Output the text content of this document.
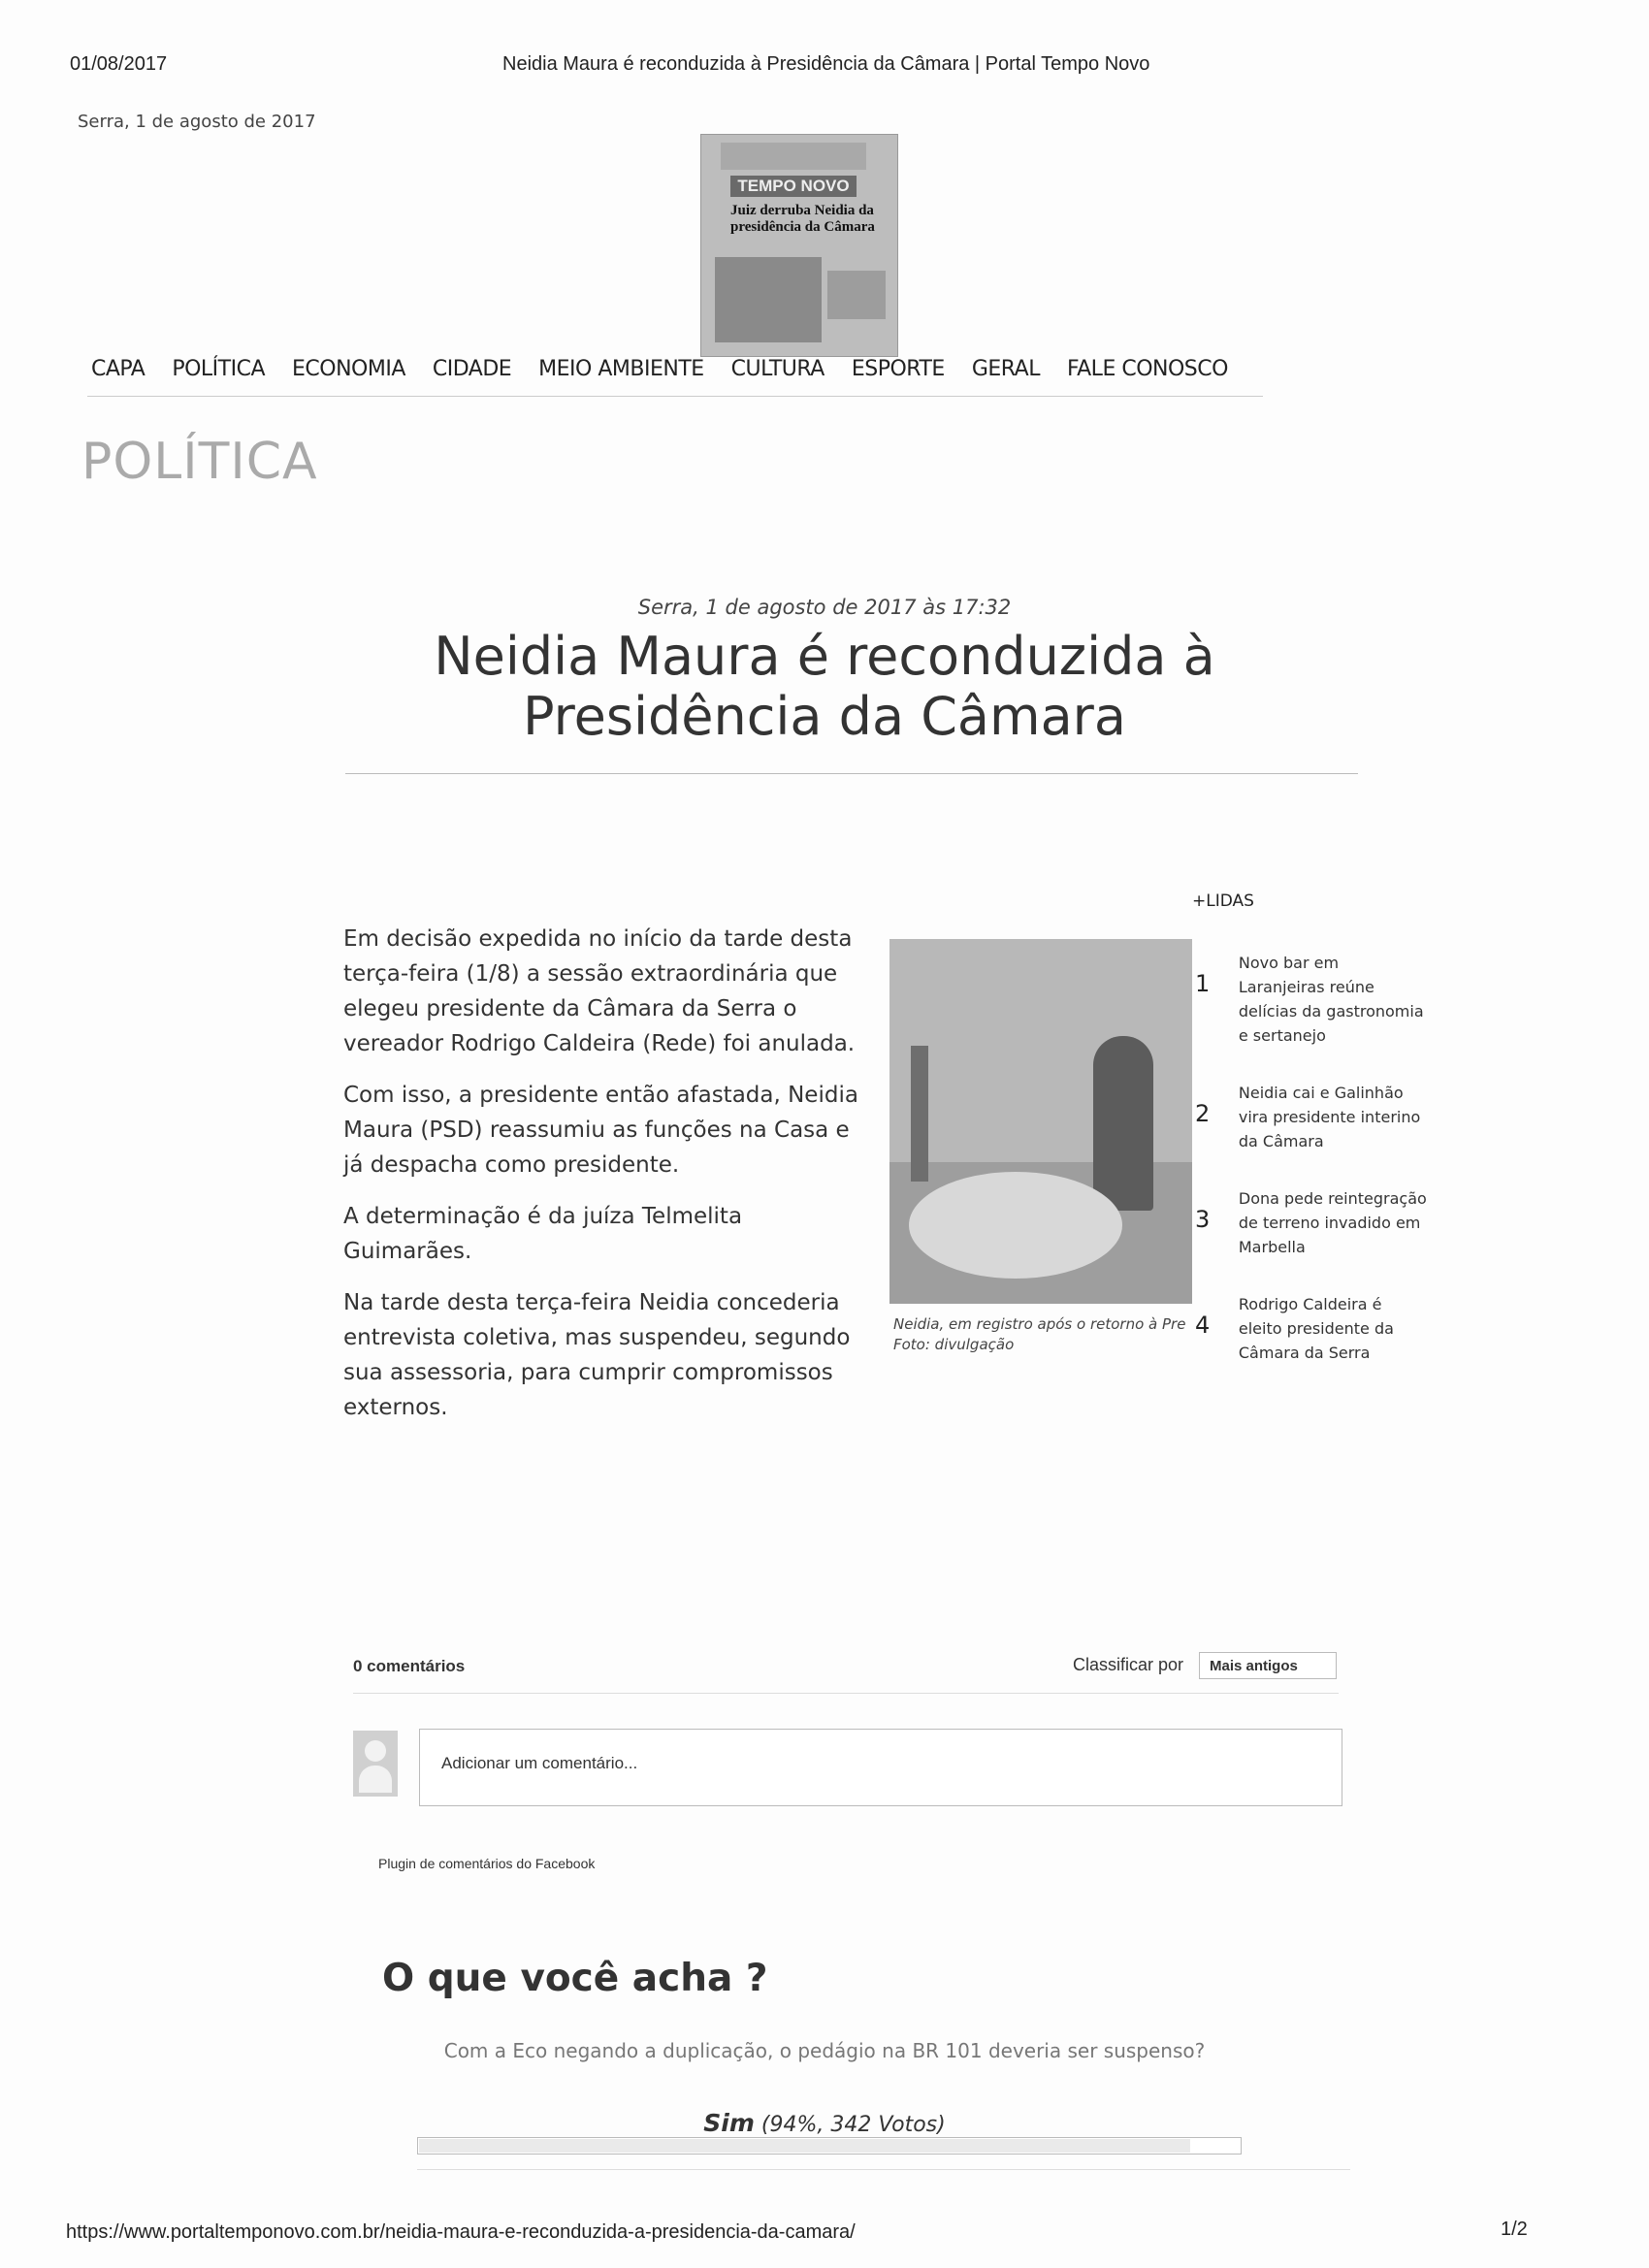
01/08/2017	Neidia Maura é reconduzida à Presidência da Câmara | Portal Tempo Novo
Serra, 1 de agosto de 2017
TEMPO NOVO
Juiz derruba Neidia da presidência da Câmara
CAPA POLÍTICA ECONOMIA CIDADE MEIO AMBIENTE CULTURA ESPORTE GERAL FALE CONOSCO
POLÍTICA
Serra, 1 de agosto de 2017 às 17:32
Neidia Maura é reconduzida à Presidência da Câmara

Em decisão expedida no início da tarde desta terça-feira (1/8) a sessão extraordinária que elegeu presidente da Câmara da Serra o vereador Rodrigo Caldeira (Rede) foi anulada.

Com isso, a presidente então afastada, Neidia Maura (PSD) reassumiu as funções na Casa e já despacha como presidente.

A determinação é da juíza Telmelita Guimarães.

Na tarde desta terça-feira Neidia concederia entrevista coletiva, mas suspendeu, segundo sua assessoria, para cumprir compromissos externos.

Neidia, em registro após o retorno à Pre
Foto: divulgação
+LIDAS
1
Novo bar em Laranjeiras reúne delícias da gastronomia e sertanejo
2
Neidia cai e Galinhão vira presidente interino da Câmara
3
Dona pede reintegração de terreno invadido em Marbella
4
Rodrigo Caldeira é eleito presidente da Câmara da Serra
0 comentários	Classificar por	Mais antigos
Adicionar um comentário...
Plugin de comentários do Facebook
O que você acha ?
Com a Eco negando a duplicação, o pedágio na BR 101 deveria ser suspenso?
Sim (94%, 342 Votos)
https://www.portaltemponovo.com.br/neidia-maura-e-reconduzida-a-presidencia-da-camara/	1/2
